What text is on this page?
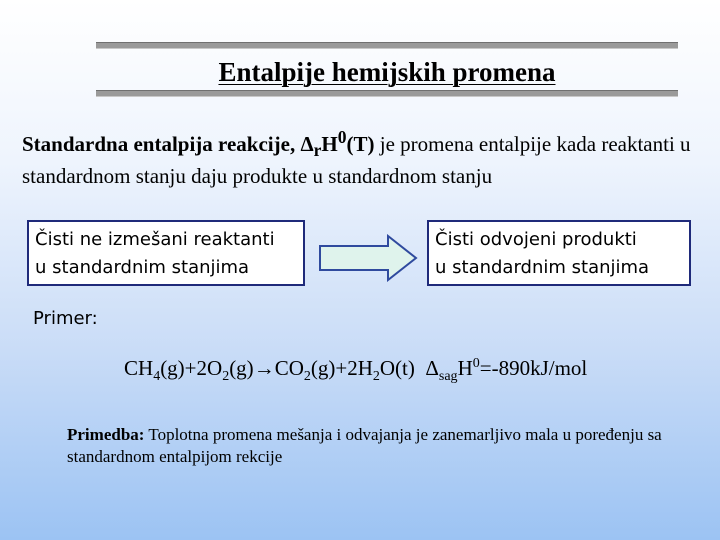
Entalpije hemijskih promena
Standardna entalpija reakcije, $\Delta_rH^0(T)$ je promena entalpije kada reaktanti u standardnom stanju daju produkte u standardnom stanju
Čisti ne izmešani reaktanti
u standardnim stanjima
Čisti odvojeni produkti
u standardnim stanjima
Primer:
$CH_4(g)+2O_2(g)\to CO_2(g)+2H_2O(t)$  $\Delta_{sag}H^0=-890kJ$/mol
Primedba: Toplotna promena mešanja i odvajanja je zanemarljivo mala u poređenju sa standardnom entalpijom rekcije
